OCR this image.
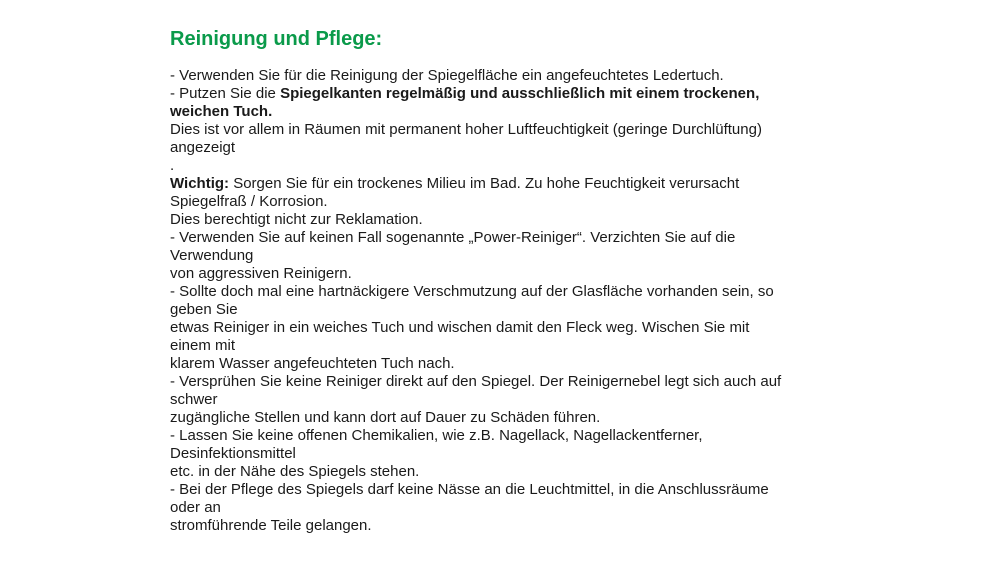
Reinigung und Pflege:
- Verwenden Sie für die Reinigung der Spiegelfläche ein angefeuchtetes Ledertuch.
- Putzen Sie die Spiegelkanten regelmäßig und ausschließlich mit einem trockenen,
weichen Tuch.
Dies ist vor allem in Räumen mit permanent hoher Luftfeuchtigkeit (geringe Durchlüftung)
angezeigt
.
Wichtig: Sorgen Sie für ein trockenes Milieu im Bad. Zu hohe Feuchtigkeit verursacht
Spiegelfraß / Korrosion.
Dies berechtigt nicht zur Reklamation.
- Verwenden Sie auf keinen Fall sogenannte „Power-Reiniger“. Verzichten Sie auf die
Verwendung
von aggressiven Reinigern.
- Sollte doch mal eine hartnäckigere Verschmutzung auf der Glasfläche vorhanden sein, so
geben Sie
etwas Reiniger in ein weiches Tuch und wischen damit den Fleck weg. Wischen Sie mit
einem mit
klarem Wasser angefeuchteten Tuch nach.
- Versprühen Sie keine Reiniger direkt auf den Spiegel. Der Reinigernebel legt sich auch auf
schwer
zugängliche Stellen und kann dort auf Dauer zu Schäden führen.
- Lassen Sie keine offenen Chemikalien, wie z.B. Nagellack, Nagellackentferner,
Desinfektionsmittel
etc. in der Nähe des Spiegels stehen.
- Bei der Pflege des Spiegels darf keine Nässe an die Leuchtmittel, in die Anschlussräume
oder an
stromführende Teile gelangen.
